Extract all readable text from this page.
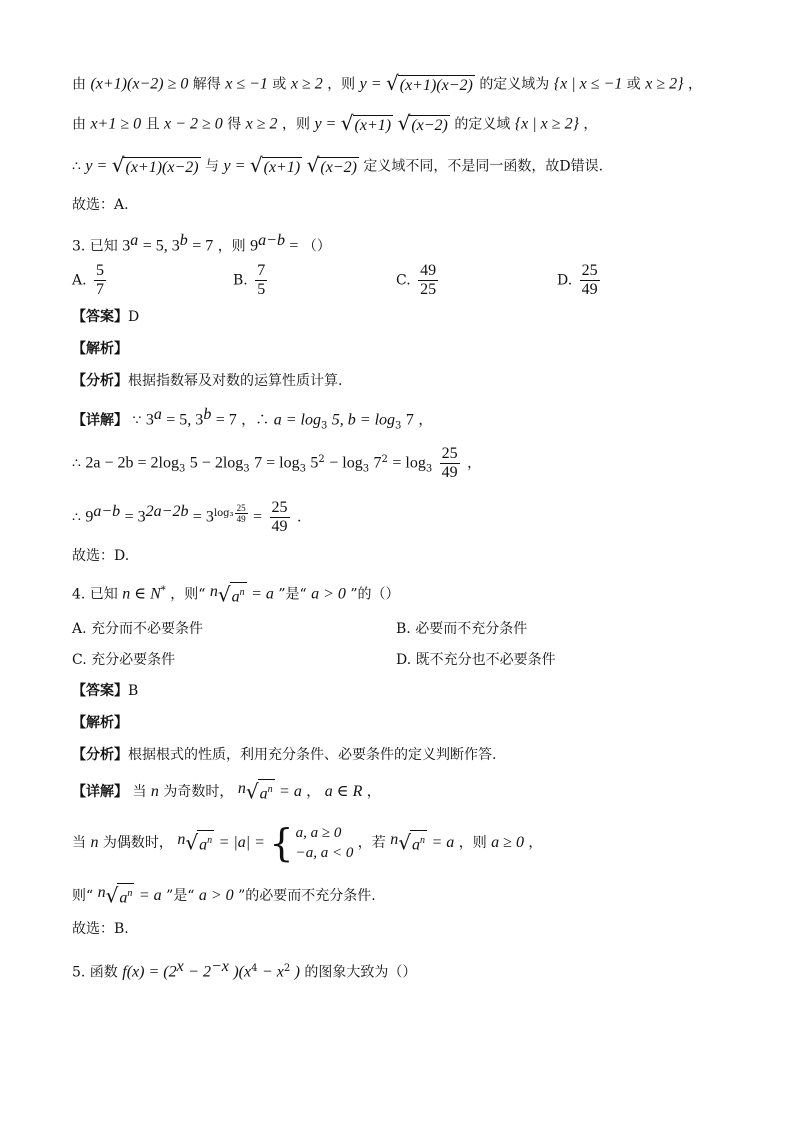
由 (x+1)(x−2) ≥ 0 解得 x ≤ −1 或 x ≥ 2 ，则 y = √(x+1)(x−2) 的定义域为 {x | x ≤ −1 或 x ≥ 2} ，
由 x+1 ≥ 0 且 x − 2 ≥ 0 得 x ≥ 2 ，则 y = √(x+1) √(x−2) 的定义域 {x | x ≥ 2} ，
∴ y = √(x+1)(x−2) 与 y = √(x+1) √(x−2) 定义域不同，不是同一函数，故D错误.
故选：A.
3. 已知 $3^a = 5$, $3^b = 7$ ，则 $9^{a-b}$ = （）
A. $\frac{5}{7}$	B. $\frac{7}{5}$	C. $\frac{49}{25}$	D. $\frac{25}{49}$
【答案】D
【解析】
【分析】根据指数幂及对数的运算性质计算.
【详解】 ∵ $3^a = 5$, $3^b = 7$ ，∴ $a = \log_3 5$, $b = \log_3 7$ ，
∴ $2a - 2b = 2\log_3$ $5 - 2\log_3$ $7 = \log_3 5^2 - \log_3 7^2 = \log_3 \frac{25}{49}$ ，
∴ $9^{a-b} = 3^{2a-2b} = 3^{log_3 \frac{25}{49}} = \frac{25}{49}$ .
故选：D.
4. 已知 n ∈ N* ，则“ $^n√a^n = a$ ”是“ a > 0 ”的（）
A. 充分而不必要条件	B. 必要而不充分条件
C. 充分必要条件	D. 既不充分也不必要条件
【答案】B
【解析】
【分析】根据根式的性质，利用充分条件、必要条件的定义判断作答.
【详解】 当 n 为奇数时， $^n√a^n = a$ ， a ∈ R ，
当 n 为偶数时， $^n√a^n = |a|$ = { a, a ≥ 0
−a, a < 0
，若 $^n√a^n = a$ ，则 a ≥ 0 ，
则“ $^n√a^n = a$ ”是“ a > 0 ”的必要而不充分条件.
故选：B.
5. 函数 $f(x) = (2^x - 2^{-x}$ )($x^4 - x^2$ ) 的图象大致为（）
